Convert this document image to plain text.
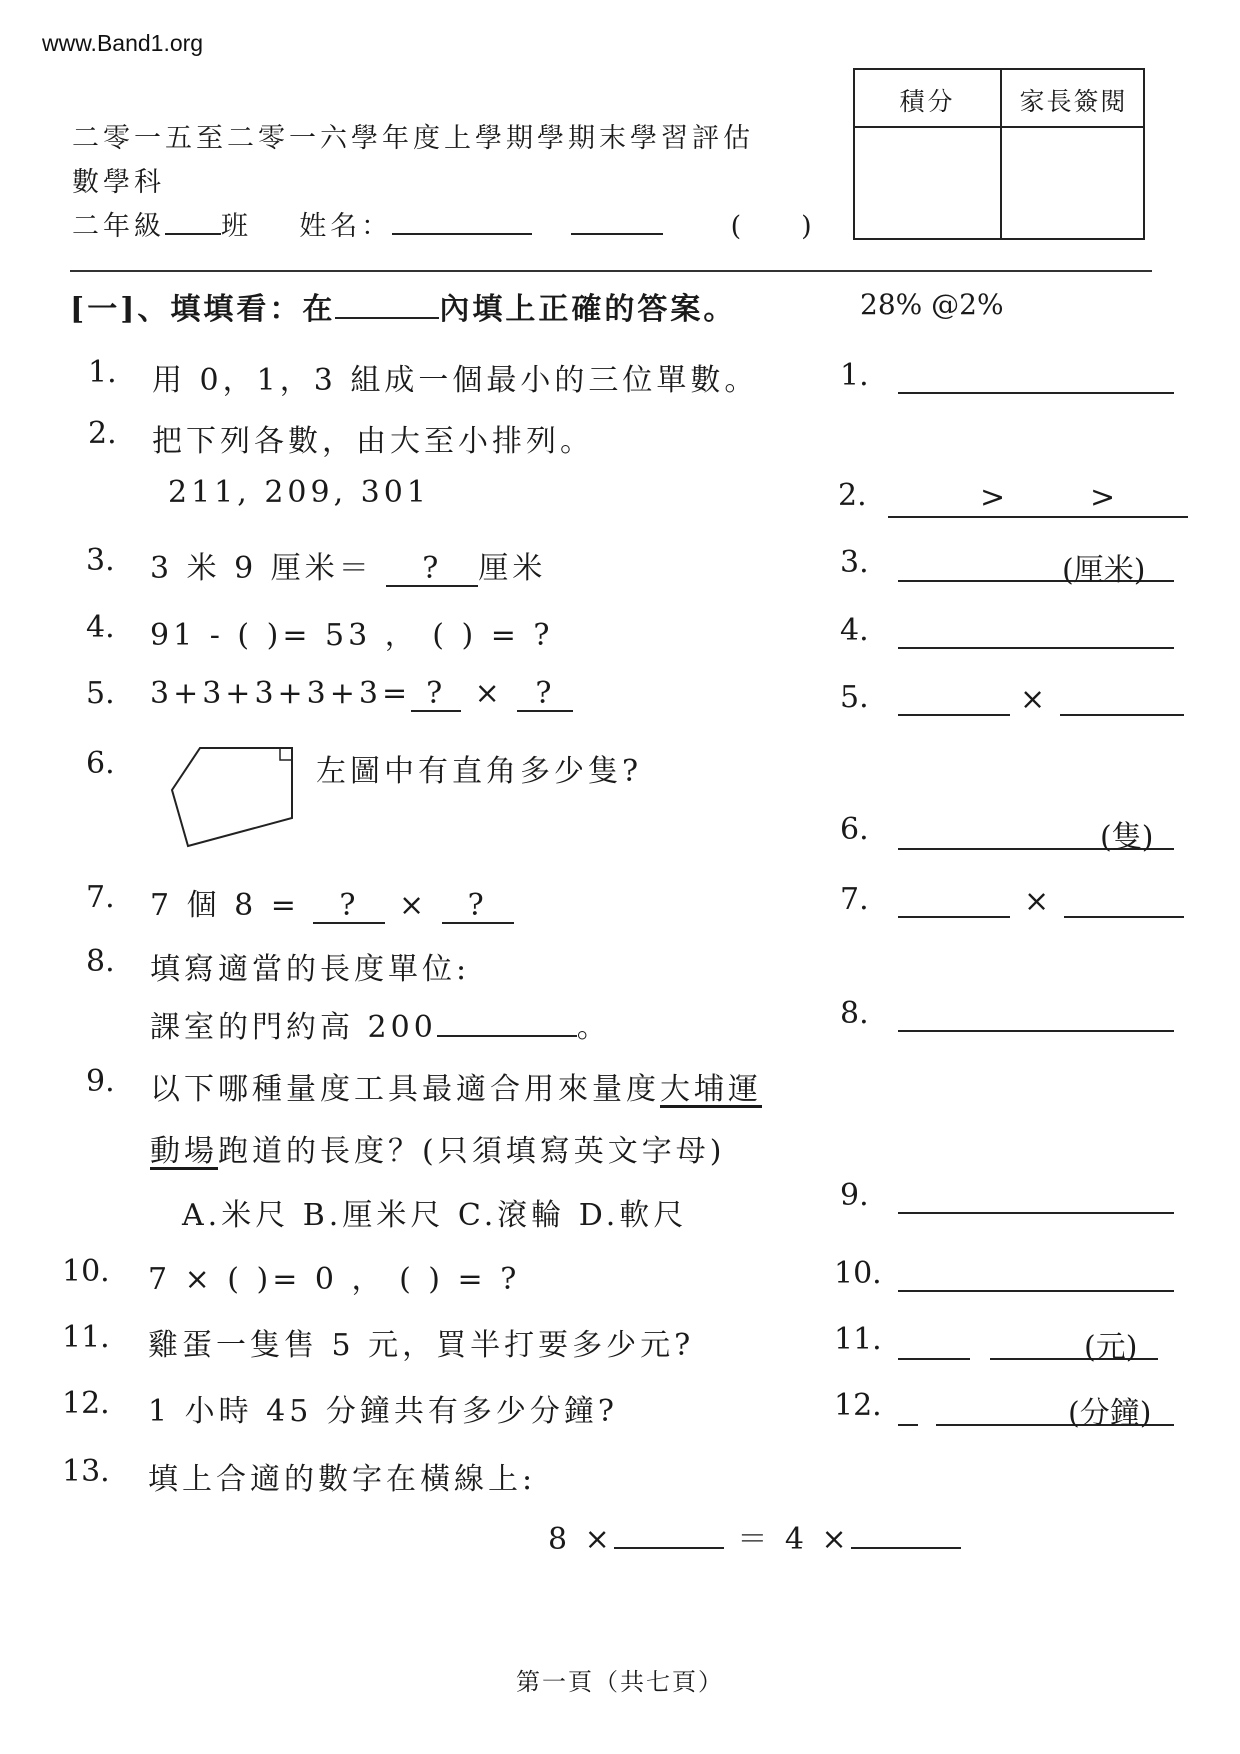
www.Band1.org
二零一五至二零一六學年度上學期學期末學習評估
數學科
二年級 班 姓名：	( )
積分	家長簽閱
[一]、填填看：在	內填上正確的答案。	28% @2%
1. 用 0，1，3 組成一個最小的三位單數。
2. 把下列各數，由大至小排列。
211, 209, 301
3. 3 米 9 厘米＝ ? 厘米
4. 91 - ( )= 53 ， ( ) = ?
5. 3+3+3+3+3= ? × ?
6.	左圖中有直角多少隻?
7. 7 個 8 = ? × ?
8. 填寫適當的長度單位:
課室的門約高 200	。
9. 以下哪種量度工具最適合用來量度大埔運
動場跑道的長度？(只須填寫英文字母)
A.米尺 B.厘米尺 C.滾輪 D.軟尺
10. 7 × ( )= 0 ， ( ) = ?
11. 雞蛋一隻售 5 元，買半打要多少元?
12. 1 小時 45 分鐘共有多少分鐘?
13. 填上合適的數字在橫線上:
8 ×	＝ 4 ×
1.
2.	>	>
3.	(厘米)
4.
5.	×
6.	(隻)
7.	×
8.
9.
10.
11.	(元)
12.	(分鐘)
第一頁（共七頁）
